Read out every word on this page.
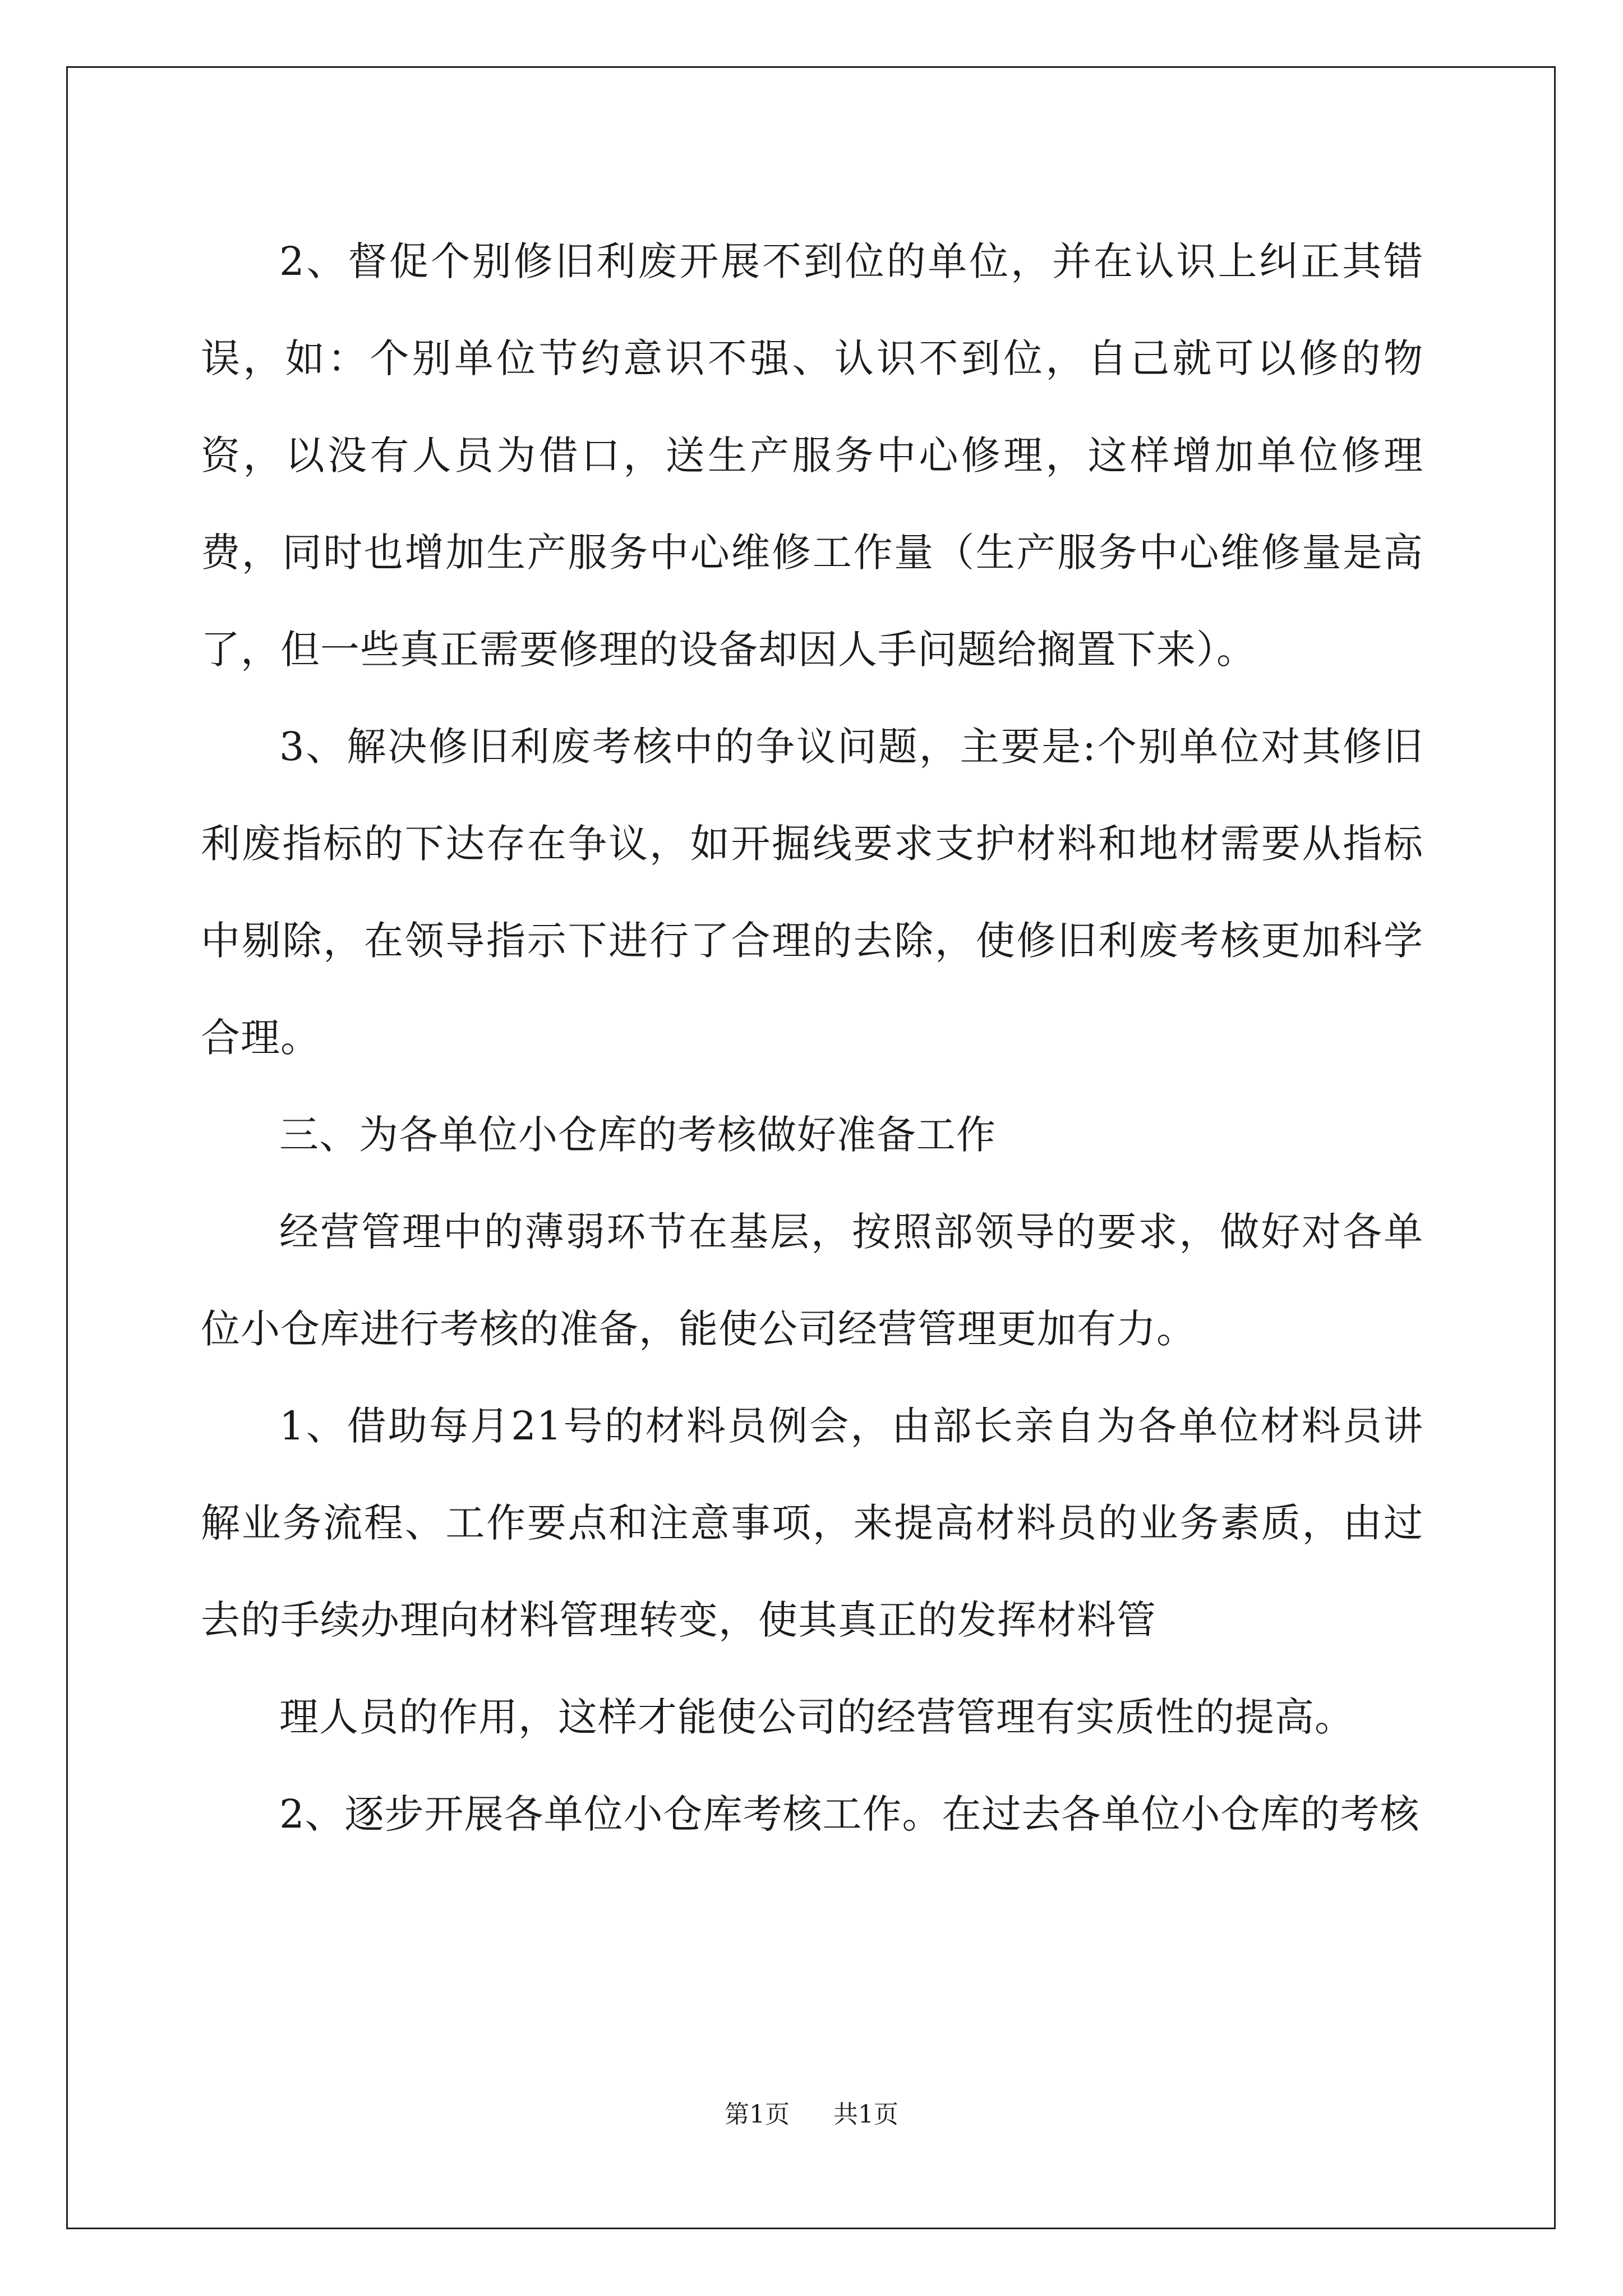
2、督促个别修旧利废开展不到位的单位，并在认识上纠正其错误，如：个别单位节约意识不强、认识不到位，自己就可以修的物资，以没有人员为借口，送生产服务中心修理，这样增加单位修理费，同时也增加生产服务中心维修工作量（生产服务中心维修量是高了，但一些真正需要修理的设备却因人手问题给搁置下来）。

3、解决修旧利废考核中的争议问题，主要是:个别单位对其修旧利废指标的下达存在争议，如开掘线要求支护材料和地材需要从指标中剔除，在领导指示下进行了合理的去除，使修旧利废考核更加科学合理。

三、为各单位小仓库的考核做好准备工作

经营管理中的薄弱环节在基层，按照部领导的要求，做好对各单位小仓库进行考核的准备，能使公司经营管理更加有力。

1、借助每月21号的材料员例会，由部长亲自为各单位材料员讲解业务流程、工作要点和注意事项，来提高材料员的业务素质，由过去的手续办理向材料管理转变，使其真正的发挥材料管

理人员的作用，这样才能使公司的经营管理有实质性的提高。

2、逐步开展各单位小仓库考核工作。在过去各单位小仓库的考核

第1页 共1页
